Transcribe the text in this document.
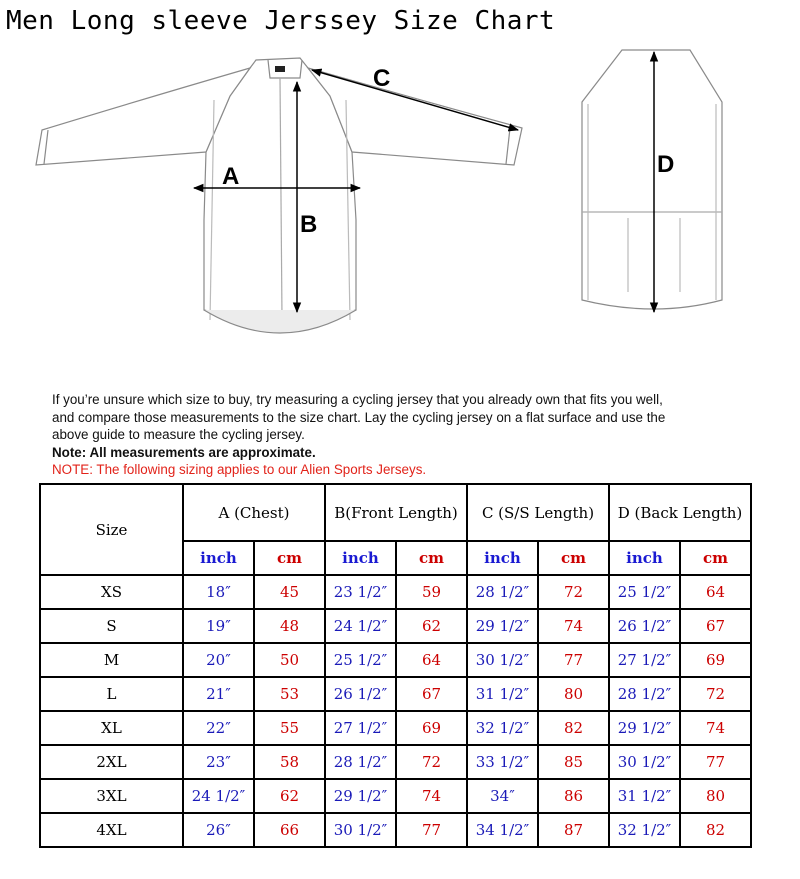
Men Long sleeve Jerssey Size Chart
A
B
C
D
If you’re unsure which size to buy, try measuring a cycling jersey that you already own that fits you well,
and compare those measurements to the size chart. Lay the cycling jersey on a flat surface and use the
above guide to measure the cycling jersey.
Note: All measurements are approximate.
NOTE: The following sizing applies to our Alien Sports Jerseys.
Size	A (Chest)		B(Front Length)		C (S/S Length)		D (Back Length)	
	inch	cm	inch	cm	inch	cm	inch	cm
XS	18″	45	23 1/2″	59	28 1/2″	72	25 1/2″	64
S	19″	48	24 1/2″	62	29 1/2″	74	26 1/2″	67
M	20″	50	25 1/2″	64	30 1/2″	77	27 1/2″	69
L	21″	53	26 1/2″	67	31 1/2″	80	28 1/2″	72
XL	22″	55	27 1/2″	69	32 1/2″	82	29 1/2″	74
2XL	23″	58	28 1/2″	72	33 1/2″	85	30 1/2″	77
3XL	24 1/2″	62	29 1/2″	74	34″	86	31 1/2″	80
4XL	26″	66	30 1/2″	77	34 1/2″	87	32 1/2″	82
